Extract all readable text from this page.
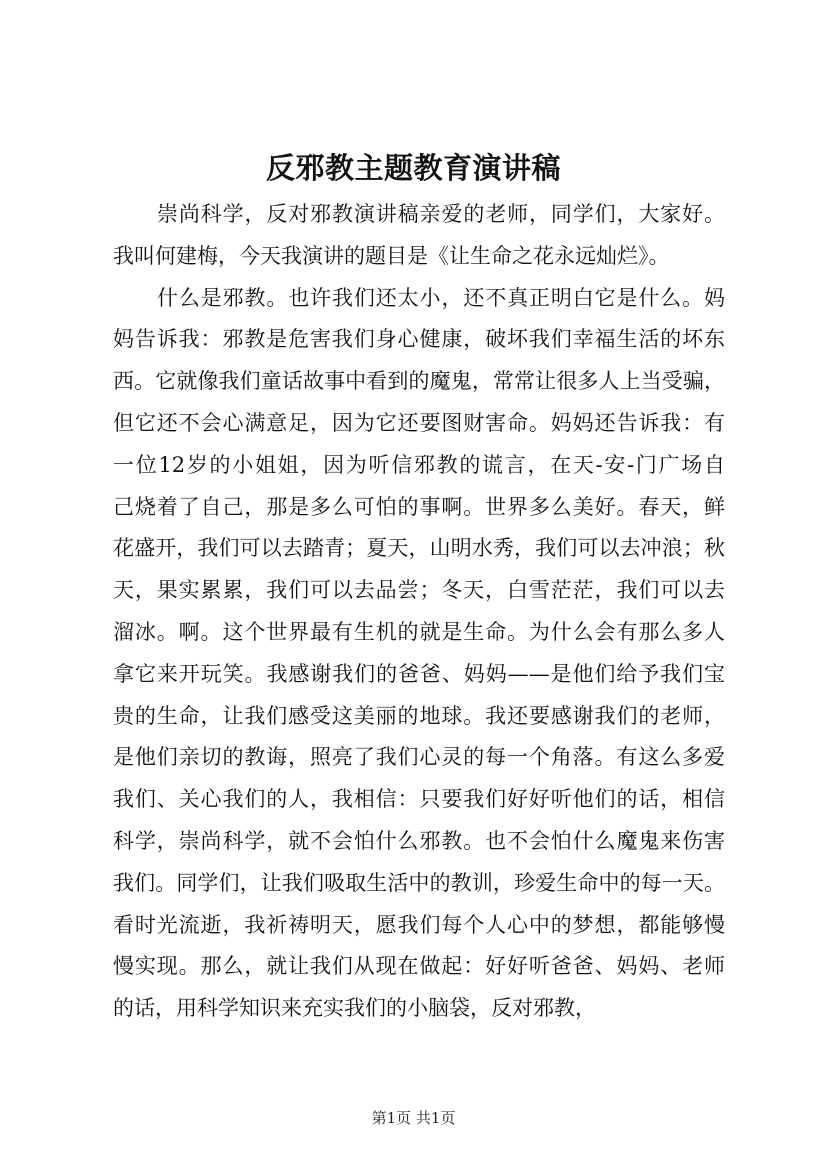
反邪教主题教育演讲稿
崇尚科学，反对邪教演讲稿亲爱的老师，同学们，大家好。
我叫何建梅，今天我演讲的题目是《让生命之花永远灿烂》。
什么是邪教。也许我们还太小，还不真正明白它是什么。妈
妈告诉我：邪教是危害我们身心健康，破坏我们幸福生活的坏东
西。它就像我们童话故事中看到的魔鬼，常常让很多人上当受骗，
但它还不会心满意足，因为它还要图财害命。妈妈还告诉我：有
一位12岁的小姐姐，因为听信邪教的谎言，在天-安-门广场自
己烧着了自己，那是多么可怕的事啊。世界多么美好。春天，鲜
花盛开，我们可以去踏青；夏天，山明水秀，我们可以去冲浪；秋
天，果实累累，我们可以去品尝；冬天，白雪茫茫，我们可以去
溜冰。啊。这个世界最有生机的就是生命。为什么会有那么多人
拿它来开玩笑。我感谢我们的爸爸、妈妈——是他们给予我们宝
贵的生命，让我们感受这美丽的地球。我还要感谢我们的老师，
是他们亲切的教诲，照亮了我们心灵的每一个角落。有这么多爱
我们、关心我们的人，我相信：只要我们好好听他们的话，相信
科学，崇尚科学，就不会怕什么邪教。也不会怕什么魔鬼来伤害
我们。同学们，让我们吸取生活中的教训，珍爱生命中的每一天。
看时光流逝，我祈祷明天，愿我们每个人心中的梦想，都能够慢
慢实现。那么，就让我们从现在做起：好好听爸爸、妈妈、老师
的话，用科学知识来充实我们的小脑袋，反对邪教，
第1页 共1页
